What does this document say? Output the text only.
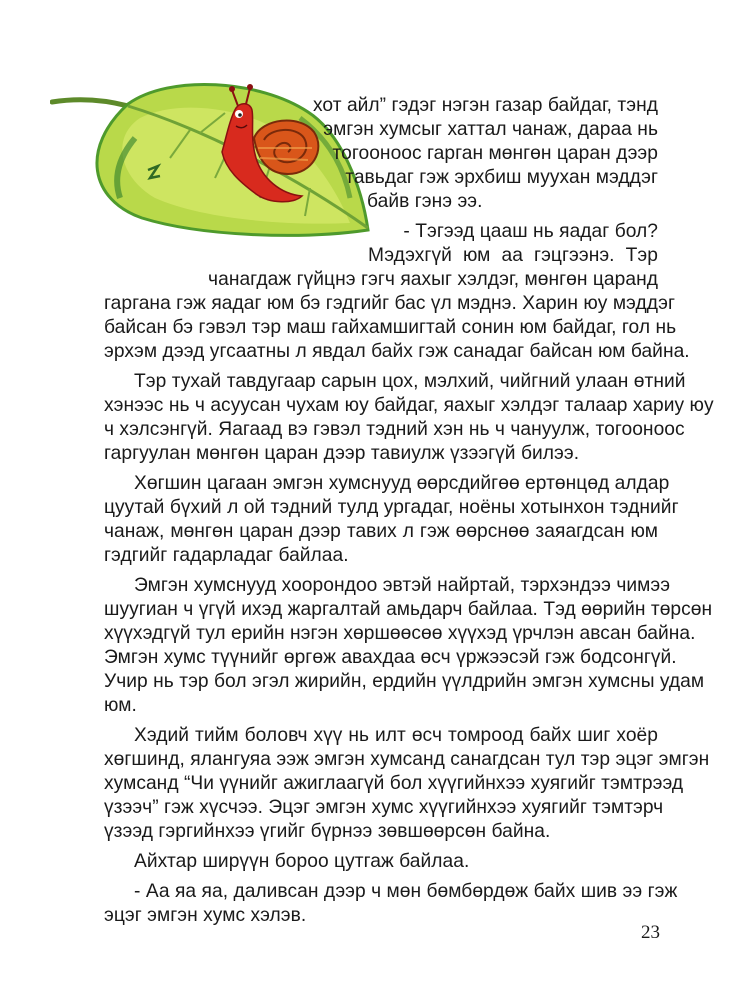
хот айл” гэдэг нэгэн газар байдаг, тэнд
эмгэн хумсыг хаттал чанаж, дараа нь
тогооноос гарган мөнгөн царан дээр
тавьдаг гэж эрхбиш муухан мэддэг
байв гэнэ ээ.
- Тэгээд цааш нь яадаг бол?
Мэдэхгүй юм аа гэцгээнэ. Тэр
чанагдаж гүйцнэ гэгч яахыг хэлдэг, мөнгөн царанд
гаргана гэж яадаг юм бэ гэдгийг бас үл мэднэ. Харин юу мэддэг
байсан бэ гэвэл тэр маш гайхамшигтай сонин юм байдаг, гол нь
эрхэм дээд угсаатны л явдал байх гэж санадаг байсан юм байна.
Тэр тухай тавдугаар сарын цох, мэлхий, чийгний улаан өтний
хэнээс нь ч асуусан чухам юу байдаг, яахыг хэлдэг талаар хариу юу
ч хэлсэнгүй. Яагаад вэ гэвэл тэдний хэн нь ч чануулж, тогооноос
гаргуулан мөнгөн царан дээр тавиулж үзээгүй билээ.
Хөгшин цагаан эмгэн хумснууд өөрсдийгөө ертөнцөд алдар
цуутай бүхий л ой тэдний тулд ургадаг, ноёны хотынхон тэднийг
чанаж, мөнгөн царан дээр тавих л гэж өөрснөө заяагдсан юм
гэдгийг гадарладаг байлаа.
Эмгэн хумснууд хоорондоо эвтэй найртай, тэрхэндээ чимээ
шуугиан ч үгүй ихэд жаргалтай амьдарч байлаа. Тэд өөрийн төрсөн
хүүхэдгүй тул ерийн нэгэн хөршөөсөө хүүхэд үрчлэн авсан байна.
Эмгэн хумс түүнийг өргөж авахдаа өсч үржээсэй гэж бодсонгүй.
Учир нь тэр бол эгэл жирийн, ердийн үүлдрийн эмгэн хумсны удам
юм.
Хэдий тийм боловч хүү нь илт өсч томроод байх шиг хоёр
хөгшинд, ялангуяа ээж эмгэн хумсанд санагдсан тул тэр эцэг эмгэн
хумсанд “Чи үүнийг ажиглаагүй бол хүүгийнхээ хуягийг тэмтрээд
үзээч” гэж хүсчээ. Эцэг эмгэн хумс хүүгийнхээ хуягийг тэмтэрч
үзээд гэргийнхээ үгийг бүрнээ зөвшөөрсөн байна.
Айхтар ширүүн бороо цутгаж байлаа.
- Аа яа яа, даливсан дээр ч мөн бөмбөрдөж байх шив ээ гэж
эцэг эмгэн хумс хэлэв.
23
